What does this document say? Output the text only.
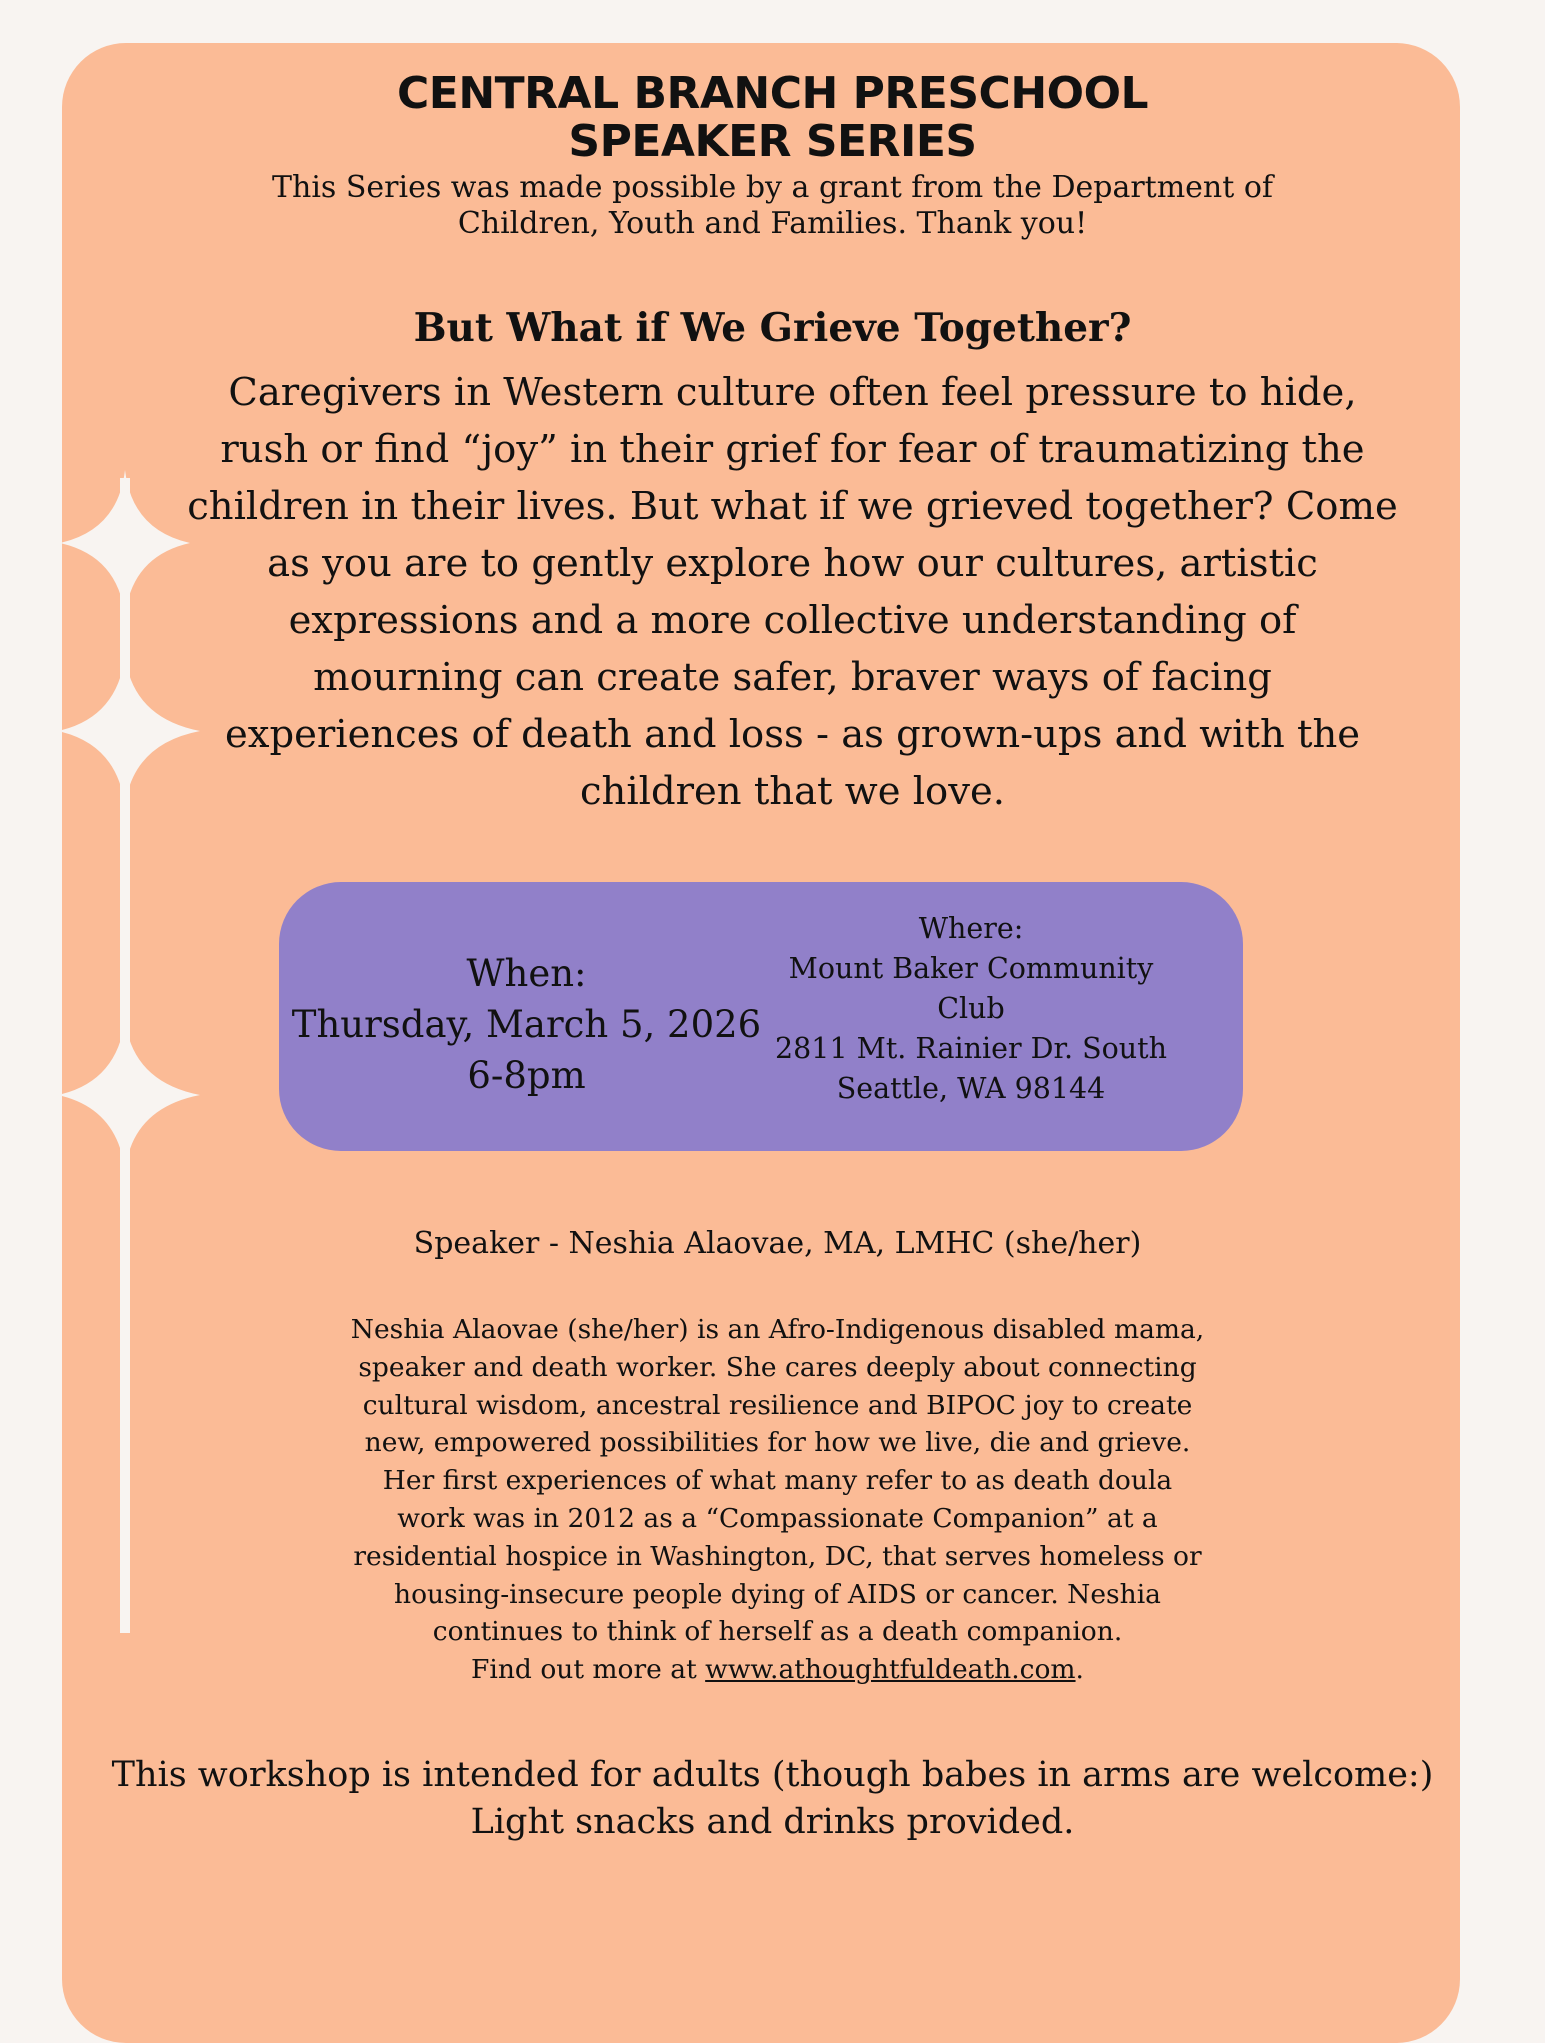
CENTRAL BRANCH PRESCHOOL
SPEAKER SERIES
This Series was made possible by a grant from the Department of
Children, Youth and Families. Thank you!
But What if We Grieve Together?
Caregivers in Western culture often feel pressure to hide,
rush or find “joy” in their grief for fear of traumatizing the
children in their lives. But what if we grieved together? Come
as you are to gently explore how our cultures, artistic
expressions and a more collective understanding of
mourning can create safer, braver ways of facing
experiences of death and loss - as grown-ups and with the
children that we love.
When:
Thursday, March 5, 2026
6-8pm
Where:
Mount Baker Community
Club
2811 Mt. Rainier Dr. South
Seattle, WA 98144
Speaker - Neshia Alaovae, MA, LMHC (she/her)
Neshia Alaovae (she/her) is an Afro-Indigenous disabled mama,
speaker and death worker. She cares deeply about connecting
cultural wisdom, ancestral resilience and BIPOC joy to create
new, empowered possibilities for how we live, die and grieve.
Her first experiences of what many refer to as death doula
work was in 2012 as a “Compassionate Companion” at a
residential hospice in Washington, DC, that serves homeless or
housing-insecure people dying of AIDS or cancer. Neshia
continues to think of herself as a death companion.
Find out more at www.athoughtfuldeath.com.
This workshop is intended for adults (though babes in arms are welcome:)
Light snacks and drinks provided.
